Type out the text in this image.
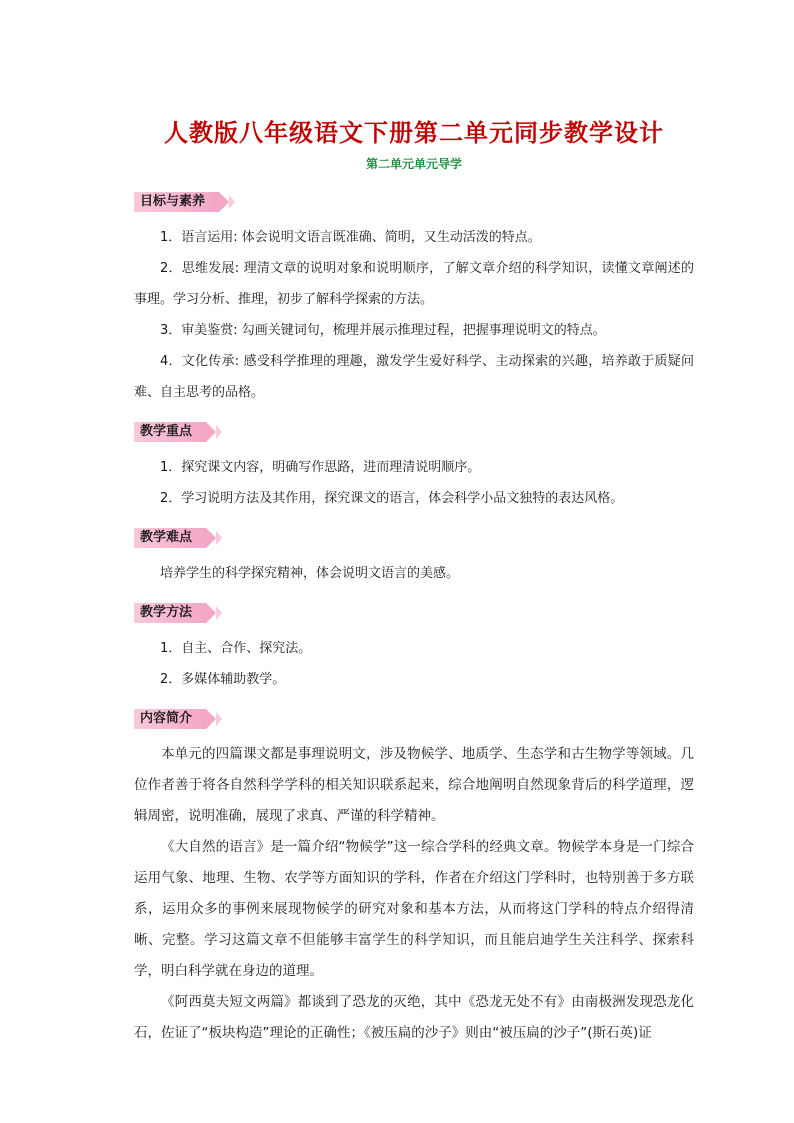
人教版八年级语文下册第二单元同步教学设计
第二单元单元导学
目标与素养

1．语言运用: 体会说明文语言既准确、简明，又生动活泼的特点。

2．思维发展: 理清文章的说明对象和说明顺序，了解文章介绍的科学知识，读懂文章阐述的事理。学习分析、推理，初步了解科学探索的方法。

3．审美鉴赏: 勾画关键词句，梳理并展示推理过程，把握事理说明文的特点。

4．文化传承: 感受科学推理的理趣，激发学生爱好科学、主动探索的兴趣，培养敢于质疑问难、自主思考的品格。

教学重点

1．探究课文内容，明确写作思路，进而理清说明顺序。

2．学习说明方法及其作用，探究课文的语言，体会科学小品文独特的表达风格。

教学难点

培养学生的科学探究精神，体会说明文语言的美感。

教学方法

1．自主、合作、探究法。

2．多媒体辅助教学。

内容简介

本单元的四篇课文都是事理说明文，涉及物候学、地质学、生态学和古生物学等领域。几位作者善于将各自然科学学科的相关知识联系起来，综合地阐明自然现象背后的科学道理，逻辑周密，说明准确，展现了求真、严谨的科学精神。

《大自然的语言》是一篇介绍“物候学”这一综合学科的经典文章。物候学本身是一门综合运用气象、地理、生物、农学等方面知识的学科，作者在介绍这门学科时，也特别善于多方联系，运用众多的事例来展现物候学的研究对象和基本方法，从而将这门学科的特点介绍得清晰、完整。学习这篇文章不但能够丰富学生的科学知识，而且能启迪学生关注科学、探索科学，明白科学就在身边的道理。

《阿西莫夫短文两篇》都谈到了恐龙的灭绝，其中《恐龙无处不有》由南极洲发现恐龙化石，佐证了“板块构造”理论的正确性；《被压扁的沙子》则由“被压扁的沙子”(斯石英)证
